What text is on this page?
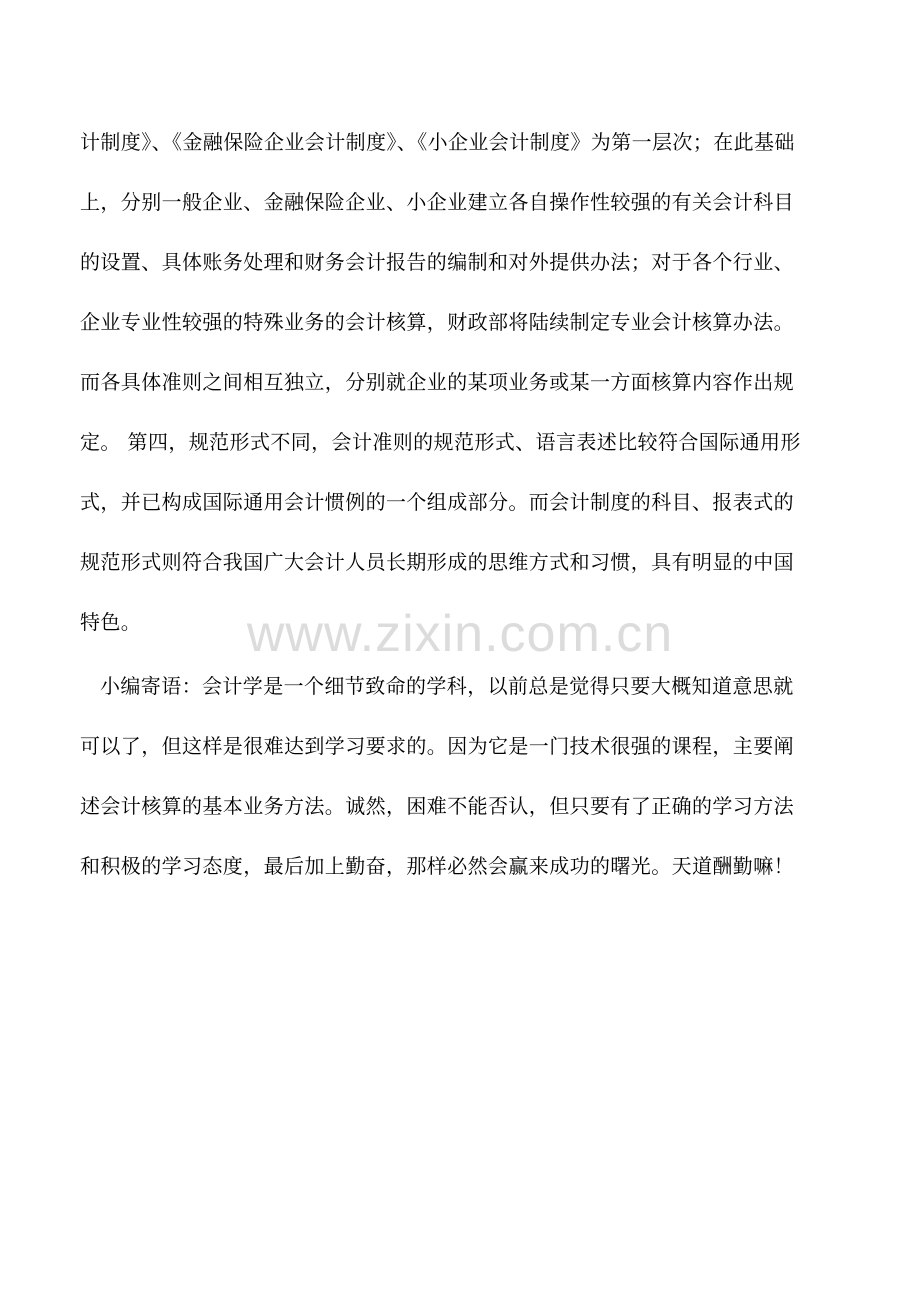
计制度》、《金融保险企业会计制度》、《小企业会计制度》为第一层次；在此基础
上，分别一般企业、金融保险企业、小企业建立各自操作性较强的有关会计科目
的设置、具体账务处理和财务会计报告的编制和对外提供办法；对于各个行业、
企业专业性较强的特殊业务的会计核算，财政部将陆续制定专业会计核算办法。
而各具体准则之间相互独立，分别就企业的某项业务或某一方面核算内容作出规
定。 第四，规范形式不同，会计准则的规范形式、语言表述比较符合国际通用形
式，并已构成国际通用会计惯例的一个组成部分。而会计制度的科目、报表式的
规范形式则符合我国广大会计人员长期形成的思维方式和习惯，具有明显的中国
特色。	www.zixin.com.cn
小编寄语：会计学是一个细节致命的学科，以前总是觉得只要大概知道意思就
可以了，但这样是很难达到学习要求的。因为它是一门技术很强的课程，主要阐
述会计核算的基本业务方法。诚然，困难不能否认，但只要有了正确的学习方法
和积极的学习态度，最后加上勤奋，那样必然会赢来成功的曙光。天道酬勤嘛！
